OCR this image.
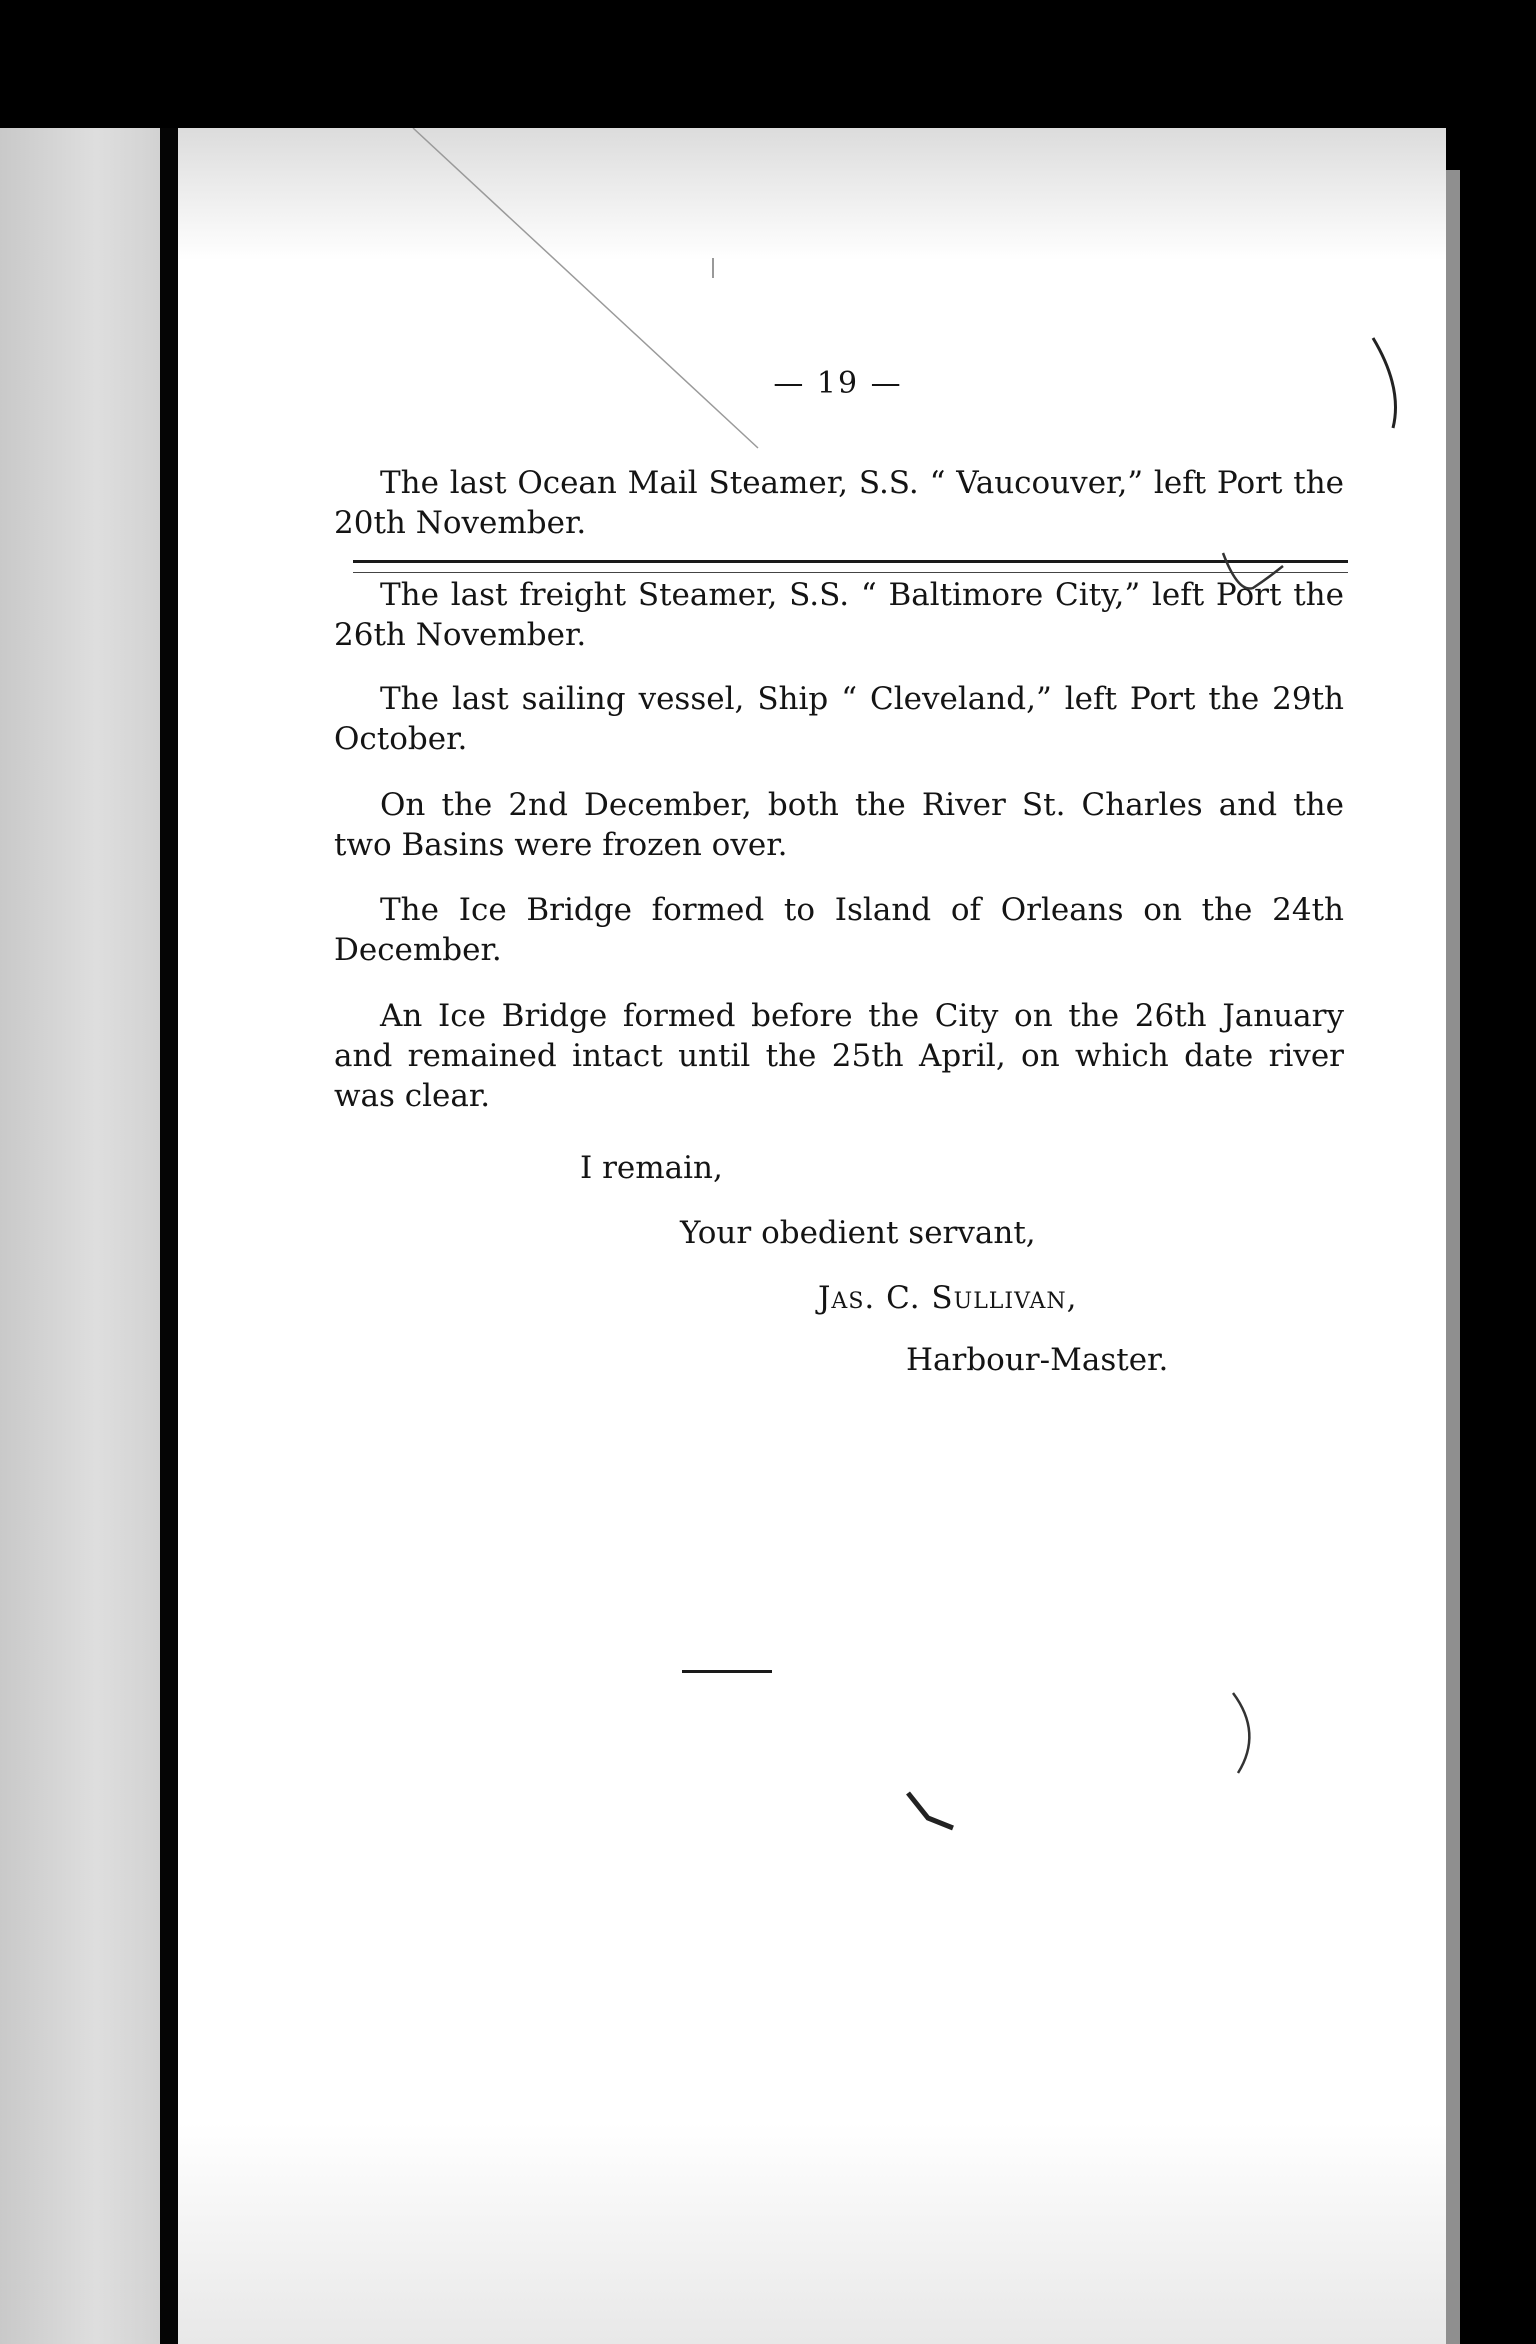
— 19 —

The last Ocean Mail Steamer, S.S. “ Vaucouver,” left Port the 20th November.

The last freight Steamer, S.S. “ Baltimore City,” left Port the 26th November.

The last sailing vessel, Ship “ Cleveland,” left Port the 29th October.

On the 2nd December, both the River St. Charles and the two Basins were frozen over.

The Ice Bridge formed to Island of Orleans on the 24th December.

An Ice Bridge formed before the City on the 26th January and remained intact until the 25th April, on which date river was clear.

I remain,

Your obedient servant,

Jas. C. Sullivan,

Harbour-Master.
